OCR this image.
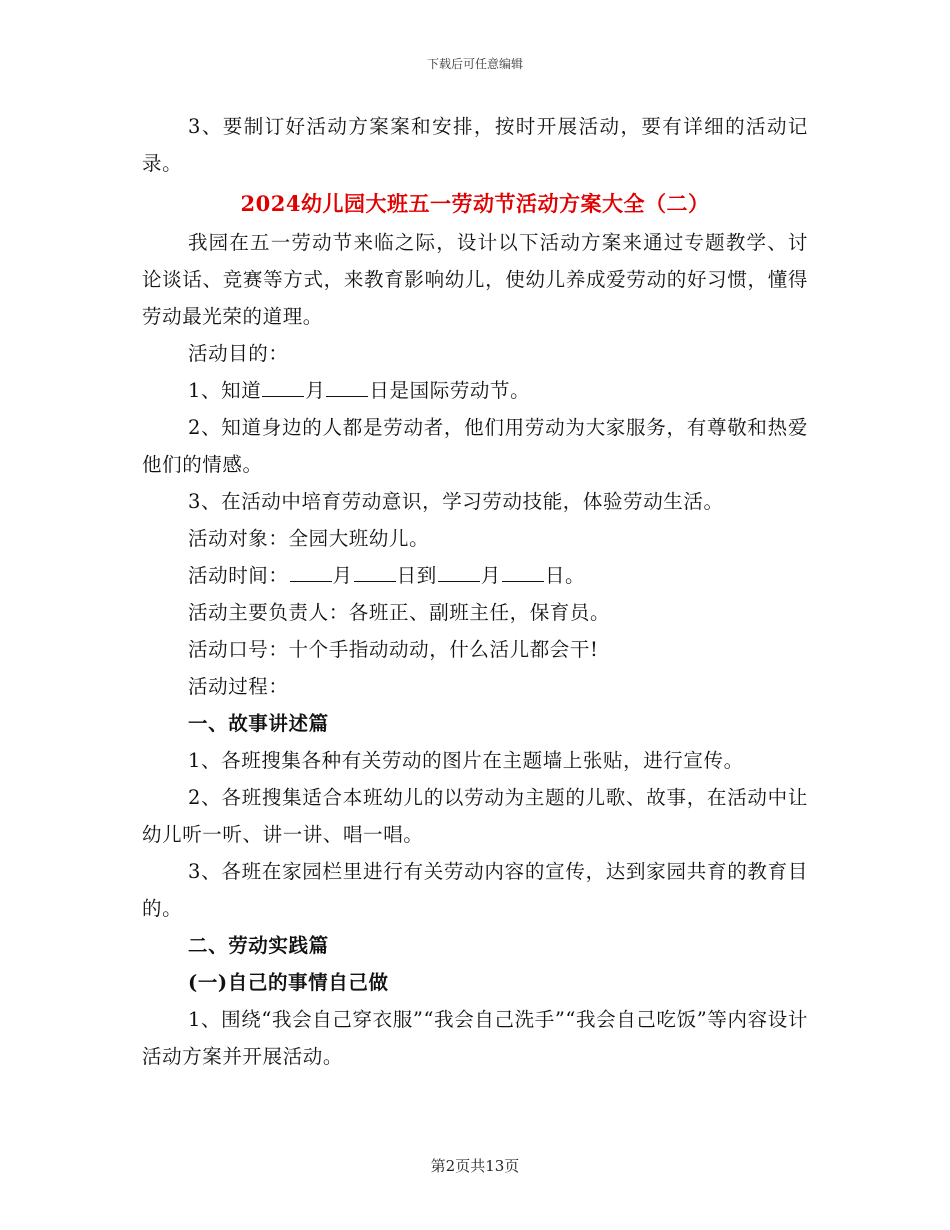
下载后可任意编辑

3、要制订好活动方案案和安排，按时开展活动，要有详细的活动记录。

2024幼儿园大班五一劳动节活动方案大全（二）

我园在五一劳动节来临之际，设计以下活动方案来通过专题教学、讨论谈话、竞赛等方式，来教育影响幼儿，使幼儿养成爱劳动的好习惯，懂得劳动最光荣的道理。

活动目的：

1、知道 月 日是国际劳动节。

2、知道身边的人都是劳动者，他们用劳动为大家服务，有尊敬和热爱他们的情感。

3、在活动中培育劳动意识，学习劳动技能，体验劳动生活。

活动对象：全园大班幼儿。

活动时间： 月 日到 月 日。

活动主要负责人：各班正、副班主任，保育员。

活动口号：十个手指动动动，什么活儿都会干!

活动过程：

一、故事讲述篇

1、各班搜集各种有关劳动的图片在主题墙上张贴，进行宣传。

2、各班搜集适合本班幼儿的以劳动为主题的儿歌、故事，在活动中让幼儿听一听、讲一讲、唱一唱。

3、各班在家园栏里进行有关劳动内容的宣传，达到家园共育的教育目的。

二、劳动实践篇

(一)自己的事情自己做

1、围绕“我会自己穿衣服”“我会自己洗手”“我会自己吃饭”等内容设计活动方案并开展活动。

第2页共13页
